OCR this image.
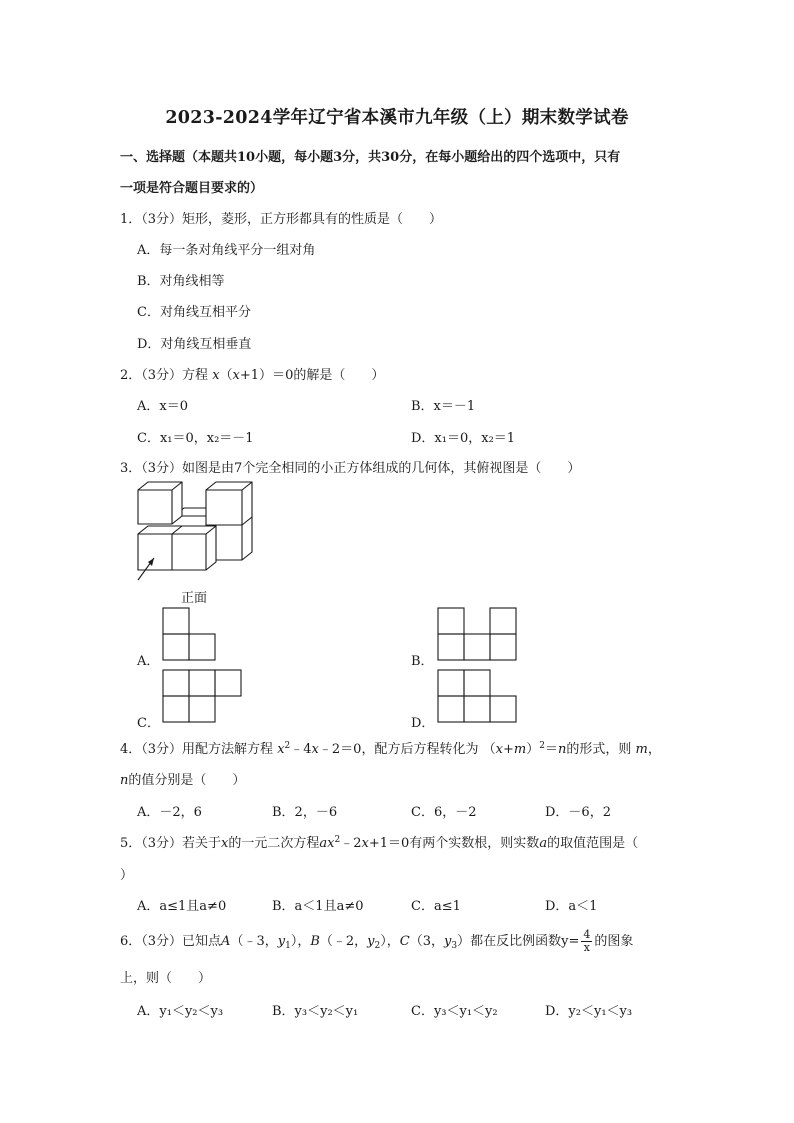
2023-2024学年辽宁省本溪市九年级（上）期末数学试卷
一、选择题（本题共10小题，每小题3分，共30分，在每小题给出的四个选项中，只有
一项是符合题目要求的）
1．（3分）矩形，菱形，正方形都具有的性质是（　　）
A．每一条对角线平分一组对角
B．对角线相等
C．对角线互相平分
D．对角线互相垂直
2．（3分）方程 x（x+1）＝0的解是（　　）
A．x＝0	B．x＝－1
C．x₁＝0，x₂＝－1	D．x₁＝0，x₂＝1
3．（3分）如图是由7个完全相同的小正方体组成的几何体，其俯视图是（　　）
正面
A．	B．
C．	D．
4．（3分）用配方法解方程 $x^2﹣4x﹣2=0$，配方后方程转化为 $(x+m)^2=n$的形式，则 m，
n的值分别是（　　）
A．－2，6	B．2，－6	C．6，－2	D．－6，2
5．（3分）若关于x的一元二次方程$ax^2﹣2x+1=0$有两个实数根，则实数a的取值范围是（
）
A．a≤1且a≠0	B．a＜1且a≠0	C．a≤1	D．a＜1
6．（3分）已知点A（﹣3，$y_1$），B（﹣2，$y_2$），C（3，$y_3$）都在反比例函数$y= \frac{4}{x}$ 的图象
上，则（　　）
A．y₁＜y₂＜y₃	B．y₃＜y₂＜y₁	C．y₃＜y₁＜y₂	D．y₂＜y₁＜y₃
